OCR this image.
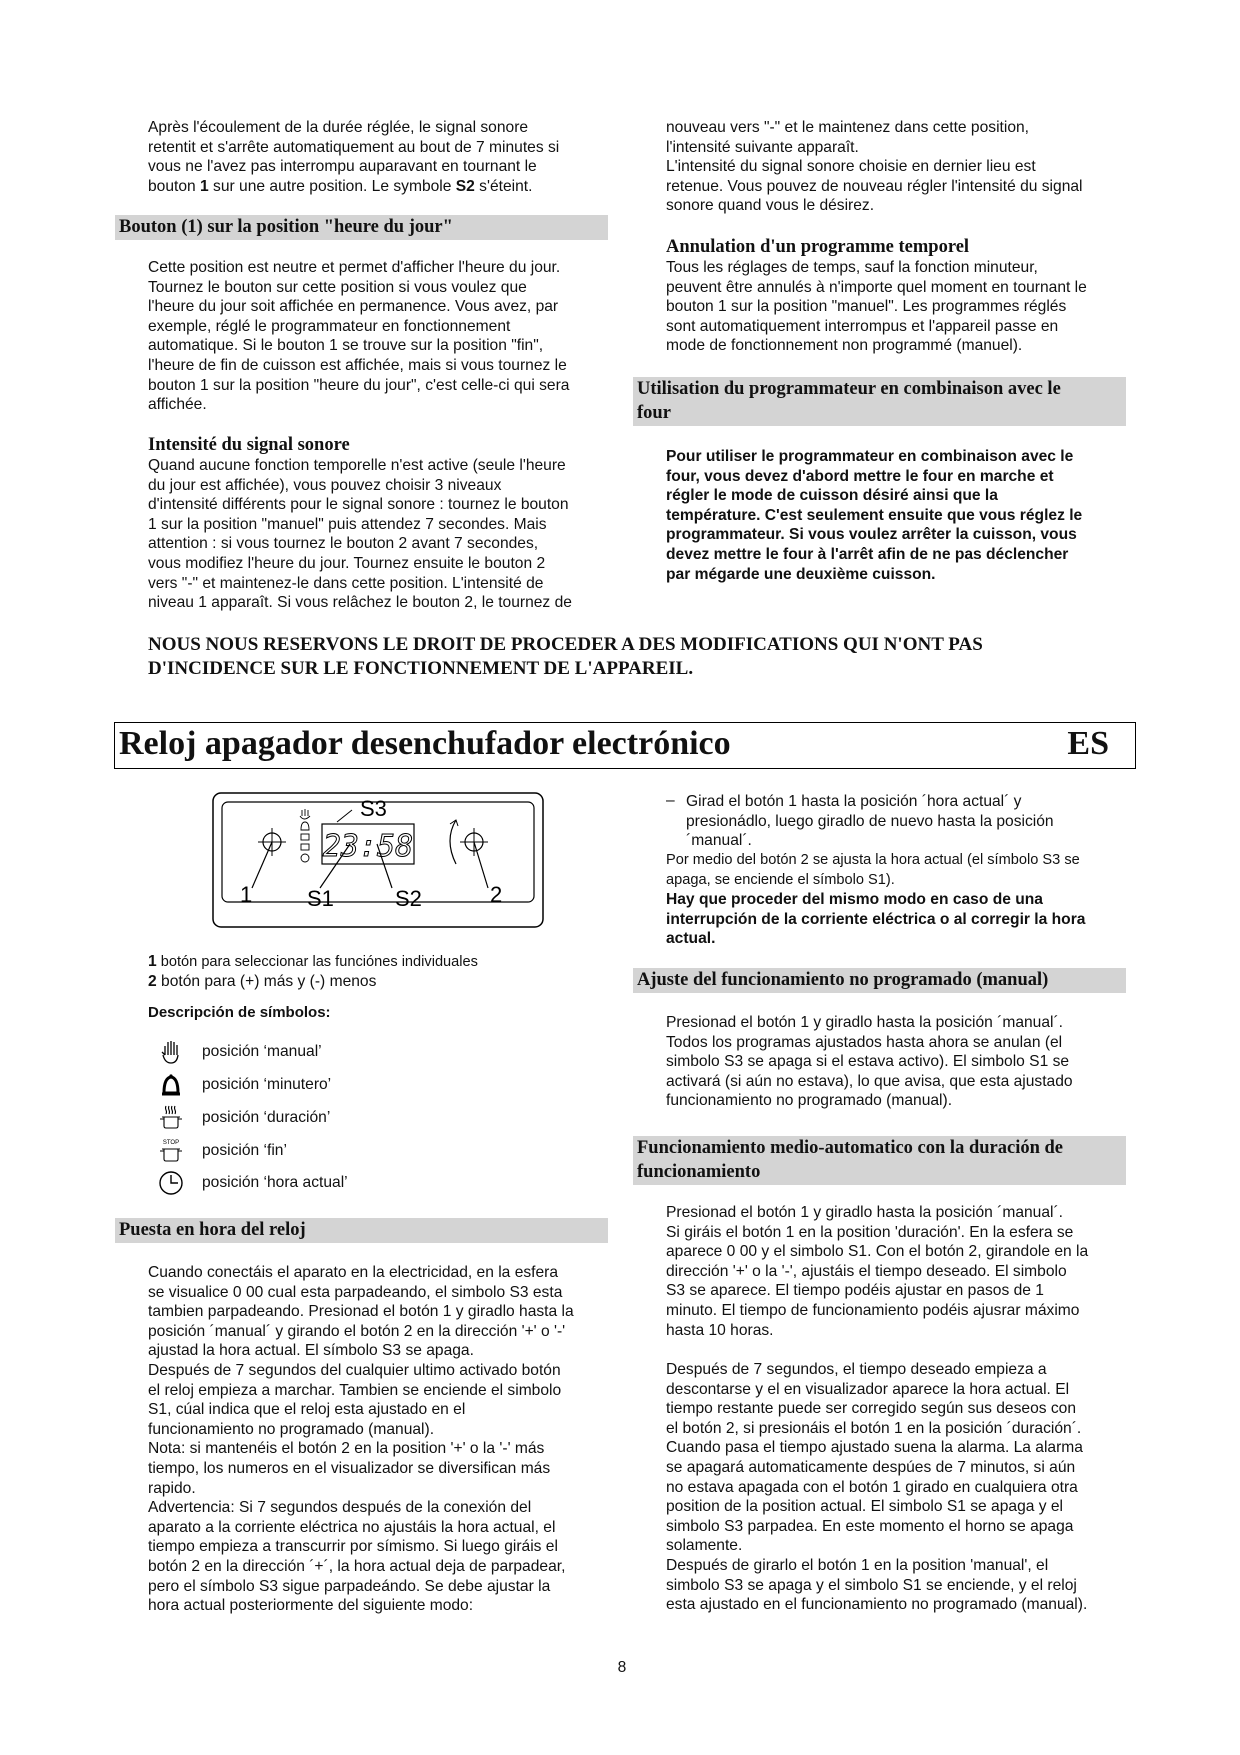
Après l'écoulement de la durée réglée, le signal sonore
retentit et s'arrête automatiquement au bout de 7 minutes si
vous ne l'avez pas interrompu auparavant en tournant le
bouton 1 sur une autre position. Le symbole S2 s'éteint.
Bouton (1) sur la position "heure du jour"
Cette position est neutre et permet d'afficher l'heure du jour.
Tournez le bouton sur cette position si vous voulez que
l'heure du jour soit affichée en permanence. Vous avez, par
exemple, réglé le programmateur en fonctionnement
automatique. Si le bouton 1 se trouve sur la position "fin",
l'heure de fin de cuisson est affichée, mais si vous tournez le
bouton 1 sur la position "heure du jour", c'est celle-ci qui sera
affichée.
Intensité du signal sonore
Quand aucune fonction temporelle n'est active (seule l'heure
du jour est affichée), vous pouvez choisir 3 niveaux
d'intensité différents pour le signal sonore : tournez le bouton
1 sur la position "manuel" puis attendez 7 secondes. Mais
attention : si vous tournez le bouton 2 avant 7 secondes,
vous modifiez l'heure du jour. Tournez ensuite le bouton 2
vers "-" et maintenez-le dans cette position. L'intensité de
niveau 1 apparaît. Si vous relâchez le bouton 2, le tournez de
nouveau vers "-" et le maintenez dans cette position,
l'intensité suivante apparaît.
L'intensité du signal sonore choisie en dernier lieu est
retenue. Vous pouvez de nouveau régler l'intensité du signal
sonore quand vous le désirez.
Annulation d'un programme temporel
Tous les réglages de temps, sauf la fonction minuteur,
peuvent être annulés à n'importe quel moment en tournant le
bouton 1 sur la position "manuel". Les programmes réglés
sont automatiquement interrompus et l'appareil passe en
mode de fonctionnement non programmé (manuel).
Utilisation du programmateur en combinaison avec le
four
Pour utiliser le programmateur en combinaison avec le
four, vous devez d'abord mettre le four en marche et
régler le mode de cuisson désiré ainsi que la
température. C'est seulement ensuite que vous réglez le
programmateur. Si vous voulez arrêter la cuisson, vous
devez mettre le four à l'arrêt afin de ne pas déclencher
par mégarde une deuxième cuisson.
NOUS NOUS RESERVONS LE DROIT DE PROCEDER A DES MODIFICATIONS QUI N'ONT PAS
D'INCIDENCE SUR LE FONCTIONNEMENT DE L'APPAREIL.
Reloj apagador desenchufador electrónico	ES
23:58
S3
1 S1	S2	2
1 botón para seleccionar las funciónes individuales
2 botón para (+) más y (-) menos
Descripción de símbolos:
posición ‘manual’
posición ‘minutero’
posición ‘duración’
STOP posición ‘fin’
posición ‘hora actual’
Puesta en hora del reloj
Cuando conectáis el aparato en la electricidad, en la esfera
se visualice 0 00 cual esta parpadeando, el simbolo S3 esta
tambien parpadeando. Presionad el botón 1 y giradlo hasta la
posición ´manual´ y girando el botón 2 en la dirección '+' o '-'
ajustad la hora actual. El símbolo S3 se apaga.
Después de 7 segundos del cualquier ultimo activado botón
el reloj empieza a marchar. Tambien se enciende el simbolo
S1, cúal indica que el reloj esta ajustado en el
funcionamiento no programado (manual).
Nota: si mantenéis el botón 2 en la position '+' o la '-' más
tiempo, los numeros en el visualizador se diversifican más
rapido.
Advertencia: Si 7 segundos después de la conexión del
aparato a la corriente eléctrica no ajustáis la hora actual, el
tiempo empieza a transcurrir por símismo. Si luego giráis el
botón 2 en la dirección ´+´, la hora actual deja de parpadear,
pero el símbolo S3 sigue parpadeándo. Se debe ajustar la
hora actual posteriormente del siguiente modo:
– Girad el botón 1 hasta la posición ´hora actual´ y
presionádlo, luego giradlo de nuevo hasta la posición
´manual´.
Por medio del botón 2 se ajusta la hora actual (el símbolo S3 se
apaga, se enciende el símbolo S1).
Hay que proceder del mismo modo en caso de una
interrupción de la corriente eléctrica o al corregir la hora
actual.
Ajuste del funcionamiento no programado (manual)
Presionad el botón 1 y giradlo hasta la posición ´manual´.
Todos los programas ajustados hasta ahora se anulan (el
simbolo S3 se apaga si el estava activo). El simbolo S1 se
activará (si aún no estava), lo que avisa, que esta ajustado
funcionamiento no programado (manual).
Funcionamiento medio-automatico con la duración de
funcionamiento
Presionad el botón 1 y giradlo hasta la posición ´manual´.
Si giráis el botón 1 en la position 'duración'. En la esfera se
aparece 0 00 y el simbolo S1. Con el botón 2, girandole en la
dirección '+' o la '-', ajustáis el tiempo deseado. El simbolo
S3 se aparece. El tiempo podéis ajustar en pasos de 1
minuto. El tiempo de funcionamiento podéis ajusrar máximo
hasta 10 horas.
Después de 7 segundos, el tiempo deseado empieza a
descontarse y el en visualizador aparece la hora actual. El
tiempo restante puede ser corregido según sus deseos con
el botón 2, si presionáis el botón 1 en la posición ´duración´.
Cuando pasa el tiempo ajustado suena la alarma. La alarma
se apagará automaticamente despúes de 7 minutos, si aún
no estava apagada con el botón 1 girado en cualquiera otra
position de la position actual. El simbolo S1 se apaga y el
simbolo S3 parpadea. En este momento el horno se apaga
solamente.
Después de girarlo el botón 1 en la position 'manual', el
simbolo S3 se apaga y el simbolo S1 se enciende, y el reloj
esta ajustado en el funcionamiento no programado (manual).
8
